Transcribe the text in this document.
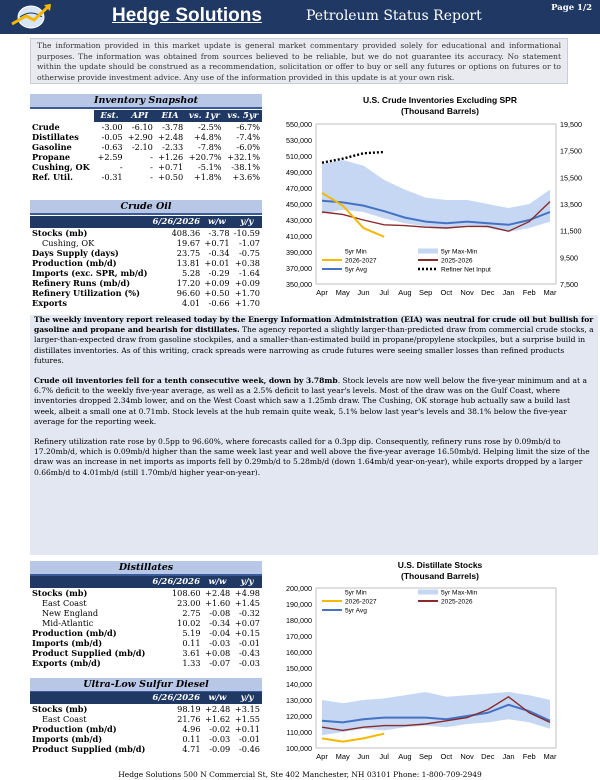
Hedge Solutions	Petroleum Status Report	Page 1/2
The information provided in this market update is general market commentary provided solely for educational and informational purposes. The information was obtained from sources believed to be reliable, but we do not guarantee its accuracy. No statement within the update should be construed as a recommendation, solicitation or offer to buy or sell any futures or options on futures or to otherwise provide investment advice. Any use of the information provided in this update is at your own risk.
Inventory Snapshot
	Est.	API	EIA	vs. 1yr	vs. 5yr
Crude	-3.00	-6.10	-3.78	-2.5%	-6.7%
Distillates	-0.05	+2.90	+2.48	+4.8%	-7.4%
Gasoline	-0.63	-2.10	-2.33	-7.8%	-6.0%
Propane	+2.59	-	+1.26	+20.7%	+32.1%
Cushing, OK	-	-	+0.71	-5.1%	-38.1%
Ref. Util.	-0.31	-	+0.50	+1.8%	+3.6%
Crude Oil
	6/26/2026	w/w	y/y
Stocks (mb)	408.36	-3.78	-10.59
Cushing, OK	19.67	+0.71	-1.07
Days Supply (days)	23.75	-0.34	-0.75
Production (mb/d)	13.81	+0.01	+0.38
Imports (exc. SPR, mb/d)	5.28	-0.29	-1.64
Refinery Runs (mb/d)	17.20	+0.09	+0.09
Refinery Utilization (%)	96.60	+0.50	+1.70
Exports	4.01	-0.66	+1.70
U.S. Crude Inventories Excluding SPR
(Thousand Barrels)
550,000
530,000
510,000
490,000
470,000
450,000
430,000
410,000
390,000
370,000
350,000
19,500
17,500
15,500
13,500
11,500
9,500
7,500
Apr May Jun Jul Aug Sep Oct Nov Dec Jan Feb Mar
5yr Min	5yr Max-Min
2026-2027	2025-2026
5yr Avg	Refiner Net Input

The weekly inventory report released today by the Energy Information Administration (EIA) was neutral for crude oil but bullish for gasoline and propane and bearish for distillates. The agency reported a slightly larger-than-predicted draw from commercial crude stocks, a larger-than-expected draw from gasoline stockpiles, and a smaller-than-estimated build in propane/propylene stockpiles, but a surprise build in distillates inventories. As of this writing, crack spreads were narrowing as crude futures were seeing smaller losses than refined products futures.

Crude oil inventories fell for a tenth consecutive week, down by 3.78mb. Stock levels are now well below the five-year minimum and at a 6.7% deficit to the weekly five-year average, as well as a 2.5% deficit to last year's levels. Most of the draw was on the Gulf Coast, where inventories dropped 2.34mb lower, and on the West Coast which saw a 1.25mb draw. The Cushing, OK storage hub actually saw a build last week, albeit a small one at 0.71mb. Stock levels at the hub remain quite weak, 5.1% below last year's levels and 38.1% below the five-year average for the reporting week.

Refinery utilization rate rose by 0.5pp to 96.60%, where forecasts called for a 0.3pp dip. Consequently, refinery runs rose by 0.09mb/d to 17.20mb/d, which is 0.09mb/d higher than the same week last year and well above the five-year average 16.50mb/d. Helping limit the size of the draw was an increase in net imports as imports fell by 0.29mb/d to 5.28mb/d (down 1.64mb/d year-on-year), while exports dropped by a larger 0.66mb/d to 4.01mb/d (still 1.70mb/d higher year-on-year).

Distillates
	6/26/2026	w/w	y/y
Stocks (mb)	108.60	+2.48	+4.98
East Coast	23.00	+1.60	+1.45
New England	2.75	-0.08	-0.32
Mid-Atlantic	10.02	-0.34	+0.07
Production (mb/d)	5.19	-0.04	+0.15
Imports (mb/d)	0.11	-0.03	-0.01
Product Supplied (mb/d)	3.61	+0.08	-0.43
Exports (mb/d)	1.33	-0.07	-0.03
Ultra-Low Sulfur Diesel
	6/26/2026	w/w	y/y
Stocks (mb)	98.19	+2.48	+3.15
East Coast	21.76	+1.62	+1.55
Production (mb/d)	4.96	-0.02	+0.11
Imports (mb/d)	0.11	-0.03	-0.01
Product Supplied (mb/d)	4.71	-0.09	-0.46
U.S. Distillate Stocks
(Thousand Barrels)
200,000
190,000
180,000
170,000
160,000
150,000
140,000
130,000
120,000
110,000
100,000
Apr May Jun Jul Aug Sep Oct Nov Dec Jan Feb Mar
5yr Min	5yr Max-Min
2026-2027	2025-2026
5yr Avg
Hedge Solutions 500 N Commercial St, Ste 402 Manchester, NH 03101 Phone: 1-800-709-2949
